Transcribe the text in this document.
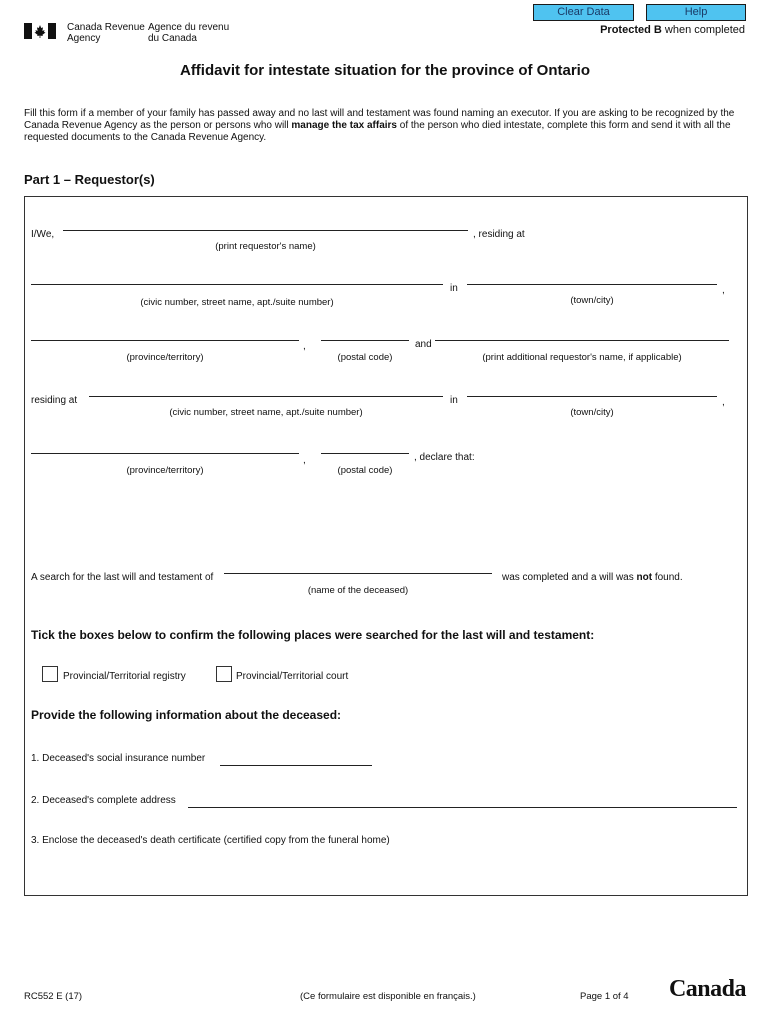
Clear Data	Help
Canada Revenue
Agency
Agence du revenu
du Canada
Protected B when completed
Affidavit for intestate situation for the province of Ontario
Fill this form if a member of your family has passed away and no last will and testament was found naming an executor. If you are asking to be recognized by the Canada Revenue Agency as the person or persons who will manage the tax affairs of the person who died intestate, complete this form and send it with all the requested documents to the Canada Revenue Agency.
Part 1 – Requestor(s)
I/We,	, residing at
(print requestor's name)
in	,
(civic number, street name, apt./suite number)	(town/city)
,	and
(province/territory)	(postal code)	(print additional requestor's name, if applicable)
residing at	in	,
(civic number, street name, apt./suite number)	(town/city)
,	, declare that:
(province/territory)	(postal code)
A search for the last will and testament of	was completed and a will was not found.
(name of the deceased)
Tick the boxes below to confirm the following places were searched for the last will and testament:
Provincial/Territorial registry	Provincial/Territorial court
Provide the following information about the deceased:
1. Deceased's social insurance number
2. Deceased's complete address
3. Enclose the deceased's death certificate (certified copy from the funeral home)
RC552 E (17)	(Ce formulaire est disponible en français.)	Page 1 of 4 Canada
